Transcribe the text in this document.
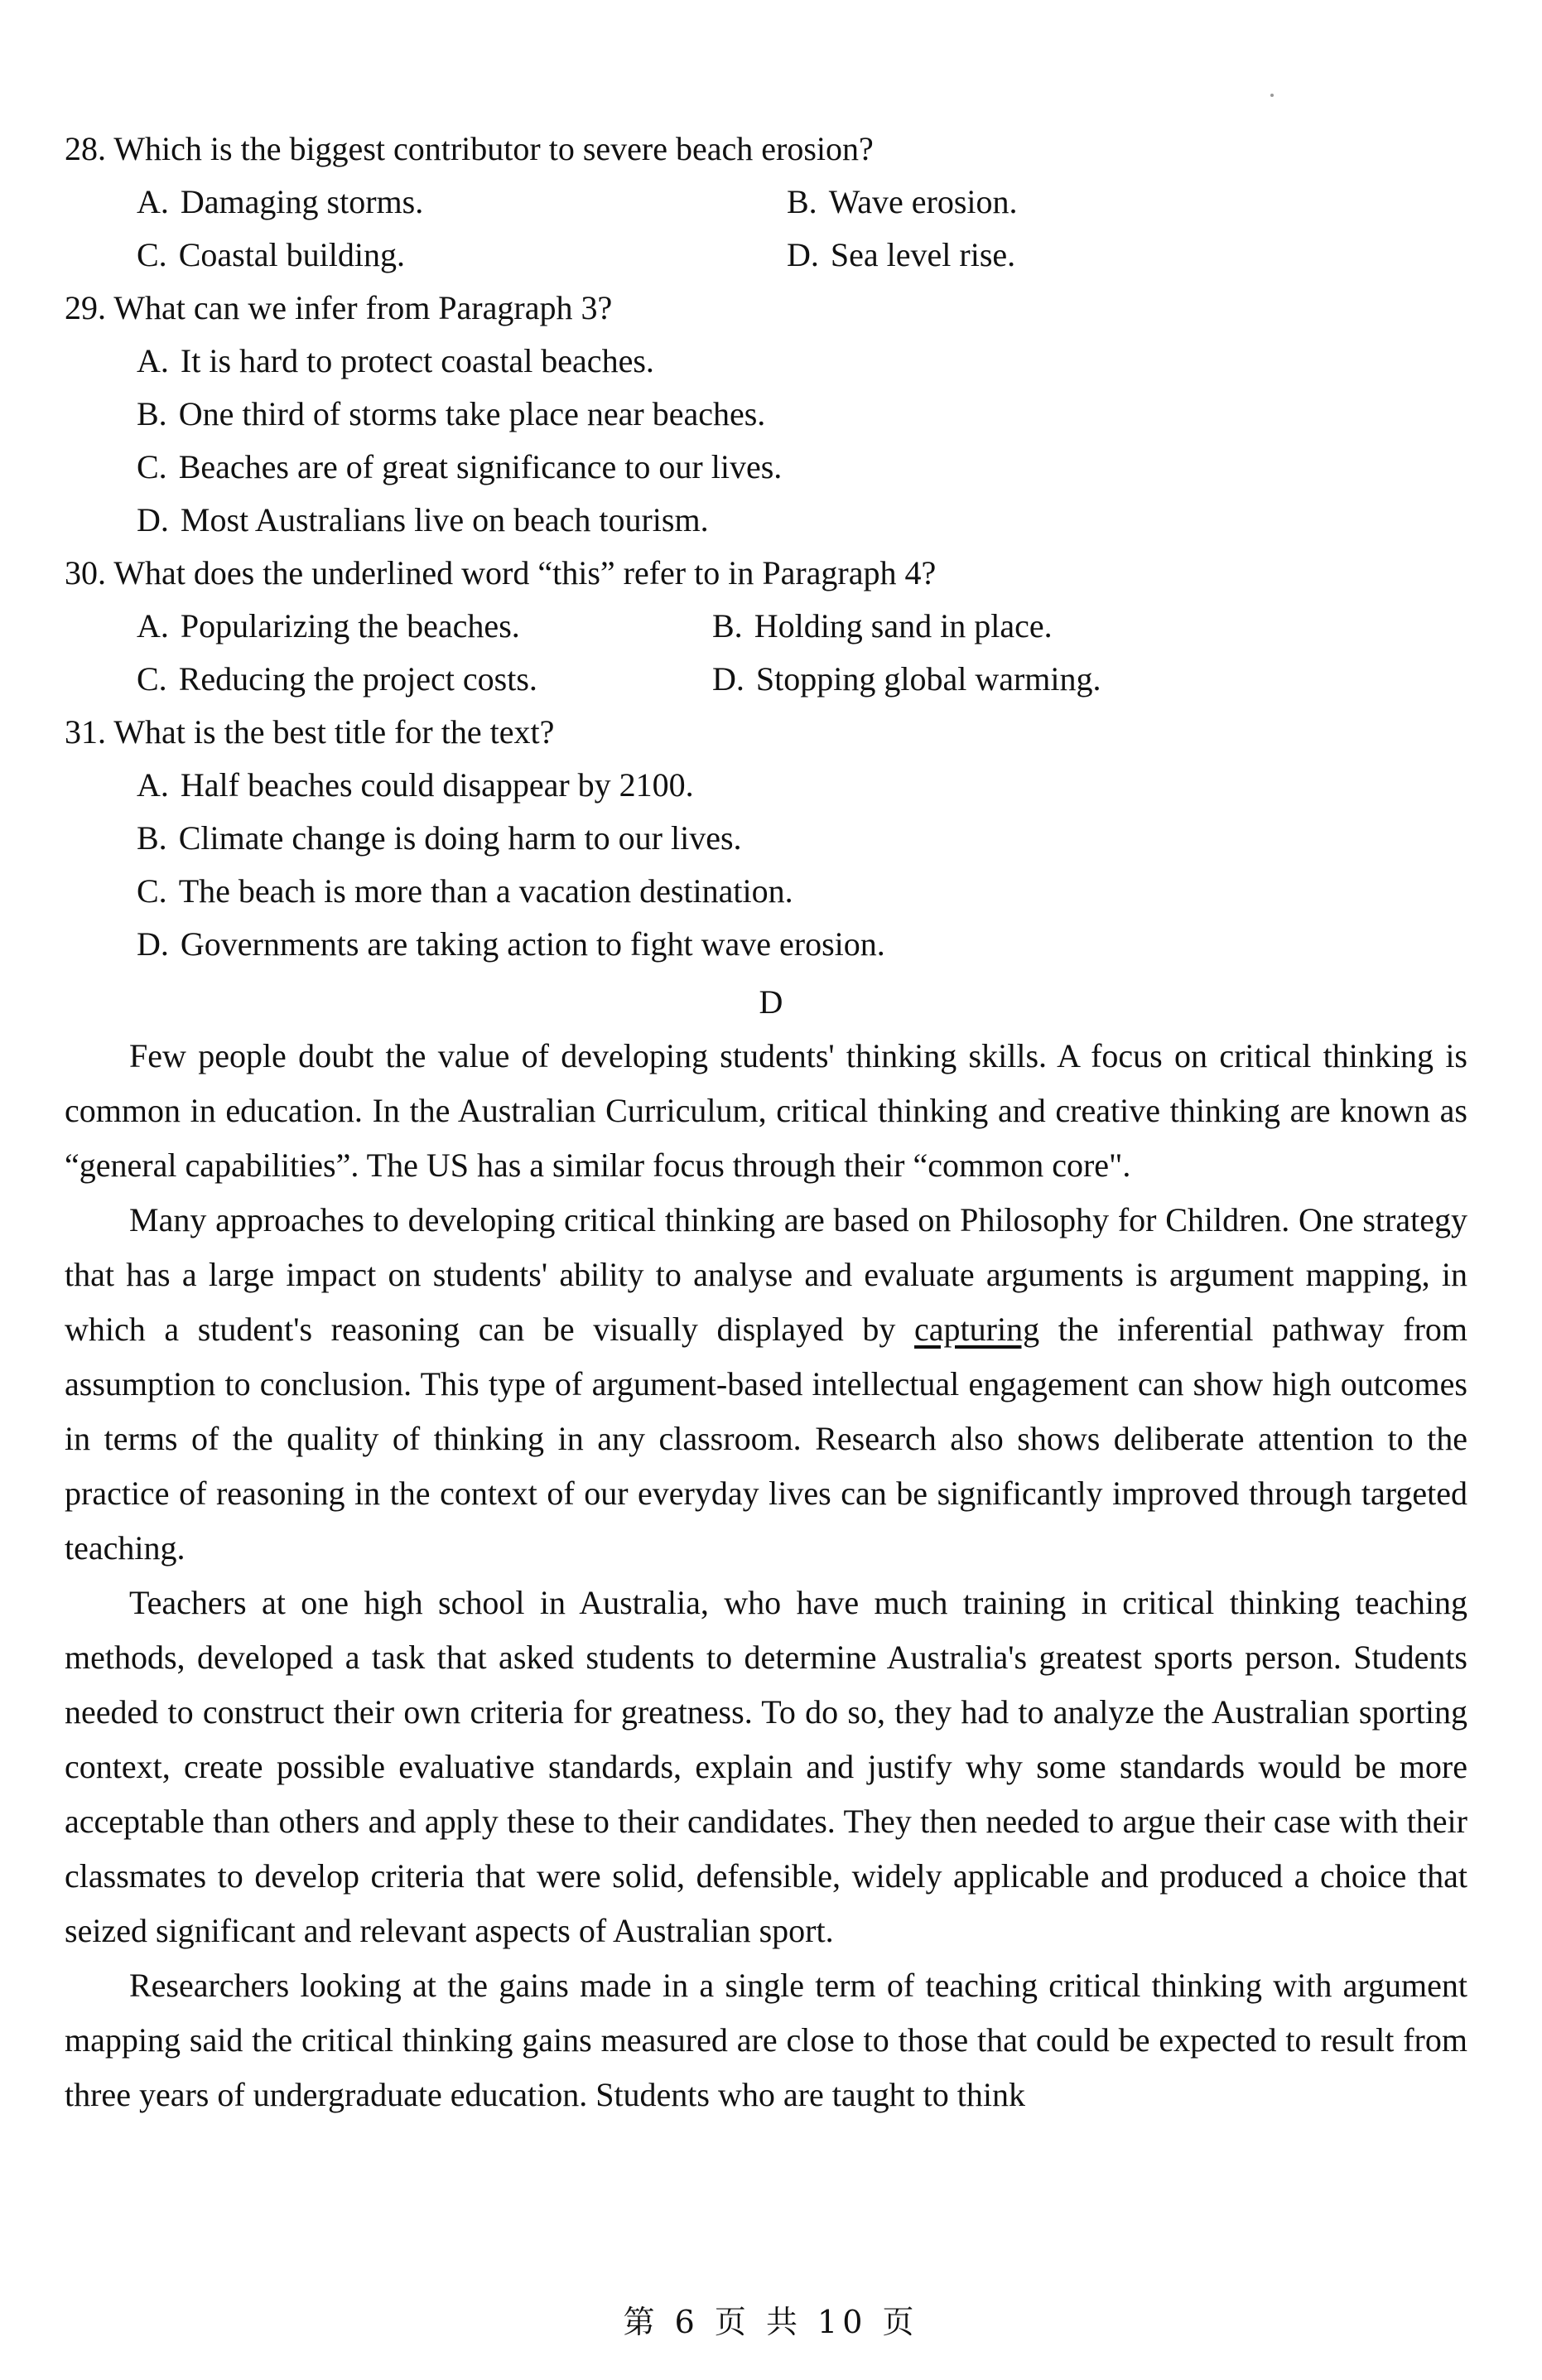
28. Which is the biggest contributor to severe beach erosion?
A. Damaging storms.	B. Wave erosion.
C. Coastal building.	D. Sea level rise.
29. What can we infer from Paragraph 3?
A. It is hard to protect coastal beaches.
B. One third of storms take place near beaches.
C. Beaches are of great significance to our lives.
D. Most Australians live on beach tourism.
30. What does the underlined word “this” refer to in Paragraph 4?
A. Popularizing the beaches.	B. Holding sand in place.
C. Reducing the project costs.	D. Stopping global warming.
31. What is the best title for the text?
A. Half beaches could disappear by 2100.
B. Climate change is doing harm to our lives.
C. The beach is more than a vacation destination.
D. Governments are taking action to fight wave erosion.
D

Few people doubt the value of developing students' thinking skills. A focus on critical thinking is common in education. In the Australian Curriculum, critical thinking and creative thinking are known as “general capabilities”. The US has a similar focus through their “common core".

Many approaches to developing critical thinking are based on Philosophy for Children. One strategy that has a large impact on students' ability to analyse and evaluate arguments is argument mapping, in which a student's reasoning can be visually displayed by capturing the inferential pathway from assumption to conclusion. This type of argument-based intellectual engagement can show high outcomes in terms of the quality of thinking in any classroom. Research also shows deliberate attention to the practice of reasoning in the context of our everyday lives can be significantly improved through targeted teaching.

Teachers at one high school in Australia, who have much training in critical thinking teaching methods, developed a task that asked students to determine Australia's greatest sports person. Students needed to construct their own criteria for greatness. To do so, they had to analyze the Australian sporting context, create possible evaluative standards, explain and justify why some standards would be more acceptable than others and apply these to their candidates. They then needed to argue their case with their classmates to develop criteria that were solid, defensible, widely applicable and produced a choice that seized significant and relevant aspects of Australian sport.

Researchers looking at the gains made in a single term of teaching critical thinking with argument mapping said the critical thinking gains measured are close to those that could be expected to result from three years of undergraduate education. Students who are taught to think

第 6 页 共 10 页
